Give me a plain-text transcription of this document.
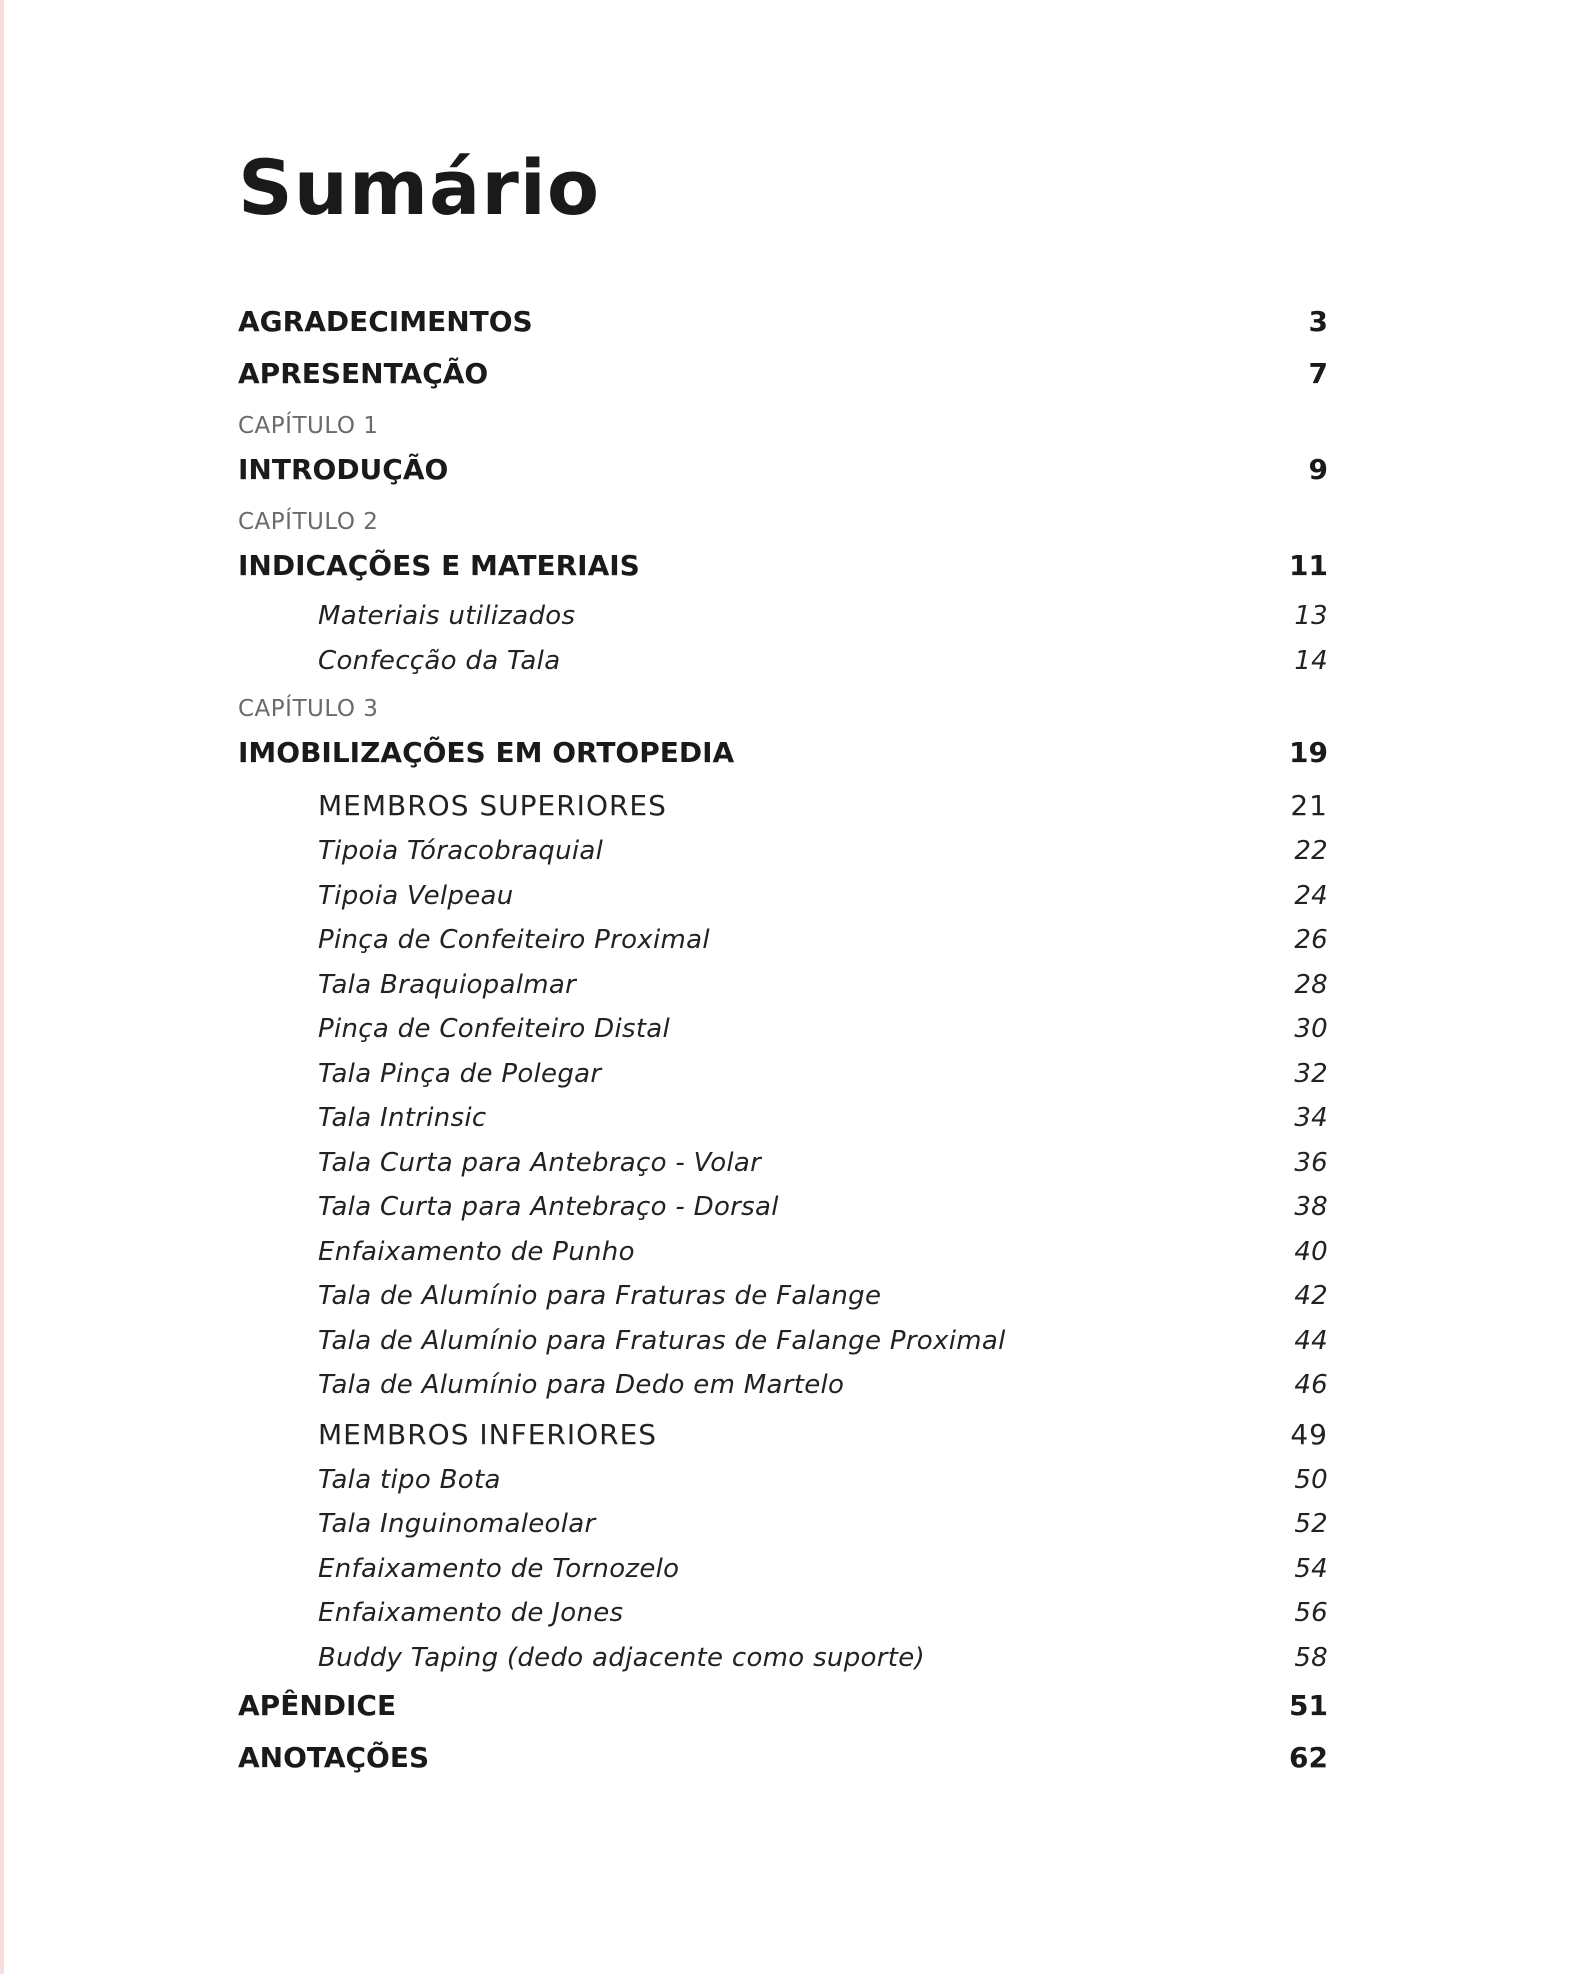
Sumário
AGRADECIMENTOS	3
APRESENTAÇÃO	7
CAPÍTULO 1
INTRODUÇÃO	9
CAPÍTULO 2
INDICAÇÕES E MATERIAIS	11
Materiais utilizados	13
Confecção da Tala	14
CAPÍTULO 3
IMOBILIZAÇÕES EM ORTOPEDIA	19
MEMBROS SUPERIORES	21
Tipoia Tóracobraquial	22
Tipoia Velpeau	24
Pinça de Confeiteiro Proximal	26
Tala Braquiopalmar	28
Pinça de Confeiteiro Distal	30
Tala Pinça de Polegar	32
Tala Intrinsic	34
Tala Curta para Antebraço - Volar	36
Tala Curta para Antebraço - Dorsal	38
Enfaixamento de Punho	40
Tala de Alumínio para Fraturas de Falange	42
Tala de Alumínio para Fraturas de Falange Proximal	44
Tala de Alumínio para Dedo em Martelo	46
MEMBROS INFERIORES	49
Tala tipo Bota	50
Tala Inguinomaleolar	52
Enfaixamento de Tornozelo	54
Enfaixamento de Jones	56
Buddy Taping (dedo adjacente como suporte)	58
APÊNDICE	51
ANOTAÇÕES	62
